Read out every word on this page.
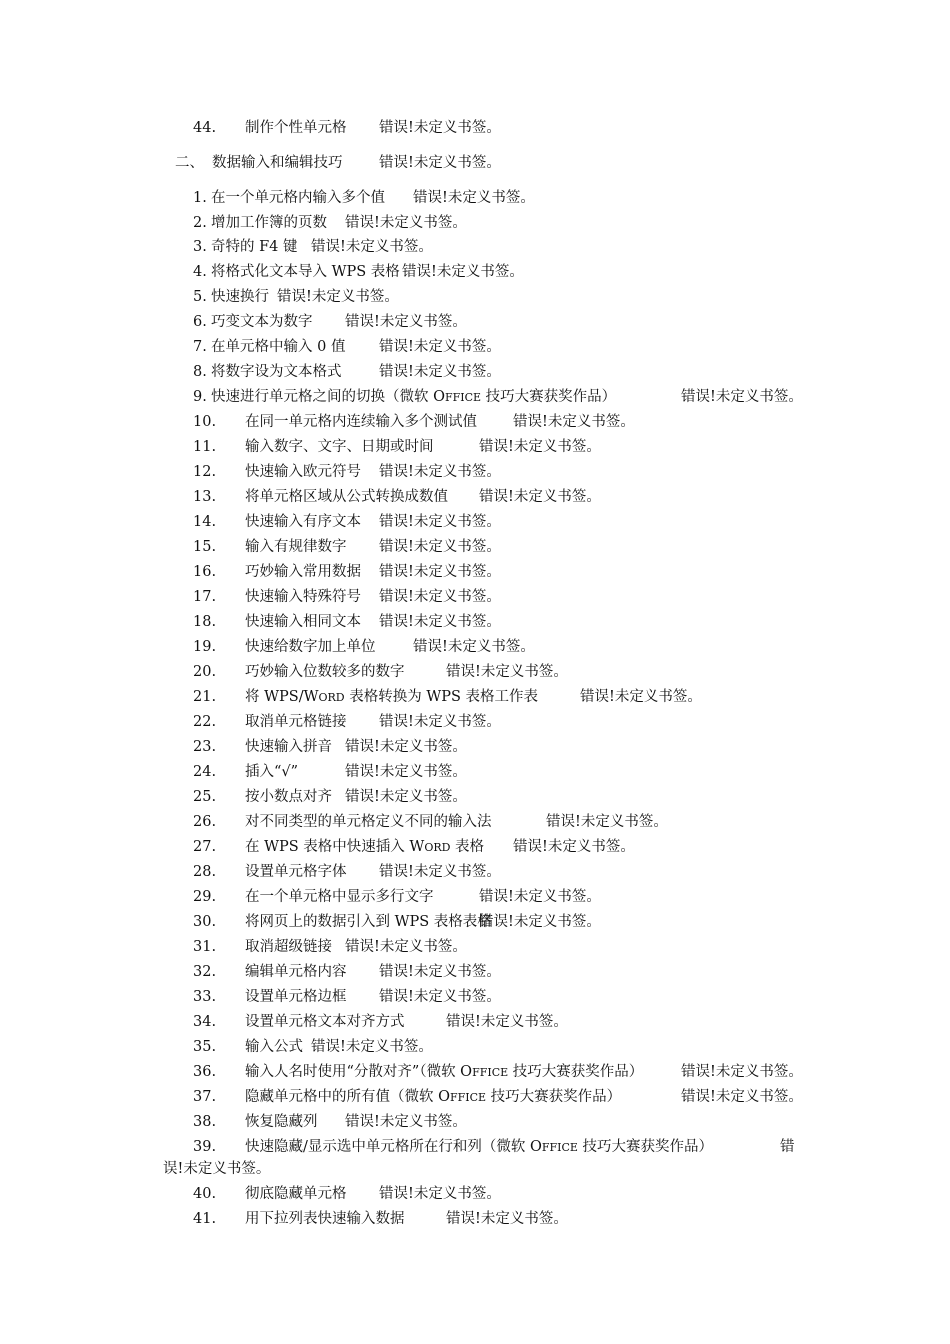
44. 制作个性单元格 错误!未定义书签。
二、 数据输入和编辑技巧	错误!未定义书签。
1. 在一个单元格内输入多个值 错误!未定义书签。
2. 增加工作簿的页数 错误!未定义书签。
3. 奇特的 F4 键 错误!未定义书签。
4. 将格式化文本导入 WPS 表格 错误!未定义书签。
5. 快速换行 错误!未定义书签。
6. 巧变文本为数字 错误!未定义书签。
7. 在单元格中输入 0 值 错误!未定义书签。
8. 将数字设为文本格式	错误!未定义书签。
9. 快速进行单元格之间的切换（微软 OFFICE 技巧大赛获奖作品）	错误!未定义书签。
10. 在同一单元格内连续输入多个测试值 错误!未定义书签。
11. 输入数字、文字、日期或时间	错误!未定义书签。
12. 快速输入欧元符号 错误!未定义书签。
13. 将单元格区域从公式转换成数值 错误!未定义书签。
14. 快速输入有序文本 错误!未定义书签。
15. 输入有规律数字 错误!未定义书签。
16. 巧妙输入常用数据 错误!未定义书签。
17. 快速输入特殊符号 错误!未定义书签。
18. 快速输入相同文本 错误!未定义书签。
19. 快速给数字加上单位	错误!未定义书签。
20. 巧妙输入位数较多的数字	错误!未定义书签。
21. 将 WPS/WORD 表格转换为 WPS 表格工作表	错误!未定义书签。
22. 取消单元格链接 错误!未定义书签。
23. 快速输入拼音 错误!未定义书签。
24. 插入“√”	错误!未定义书签。
25. 按小数点对齐 错误!未定义书签。
26. 对不同类型的单元格定义不同的输入法	错误!未定义书签。
27. 在 WPS 表格中快速插入 WORD 表格 错误!未定义书签。
28. 设置单元格字体 错误!未定义书签。
29. 在一个单元格中显示多行文字	错误!未定义书签。
30. 将网页上的数据引入到 WPS 表格表格
错误!未定义书签。
31. 取消超级链接 错误!未定义书签。
32. 编辑单元格内容 错误!未定义书签。
33. 设置单元格边框 错误!未定义书签。
34. 设置单元格文本对齐方式	错误!未定义书签。
35. 输入公式 错误!未定义书签。
36. 输入人名时使用“分散对齐”（微软 OFFICE 技巧大赛获奖作品）	错误!未定义书签。
37. 隐藏单元格中的所有值（微软 OFFICE 技巧大赛获奖作品）	错误!未定义书签。
38. 恢复隐藏列 错误!未定义书签。
39. 快速隐藏/显示选中单元格所在行和列（微软 OFFICE 技巧大赛获奖作品）	错
误!未定义书签。
40. 彻底隐藏单元格 错误!未定义书签。
41. 用下拉列表快速输入数据	错误!未定义书签。
